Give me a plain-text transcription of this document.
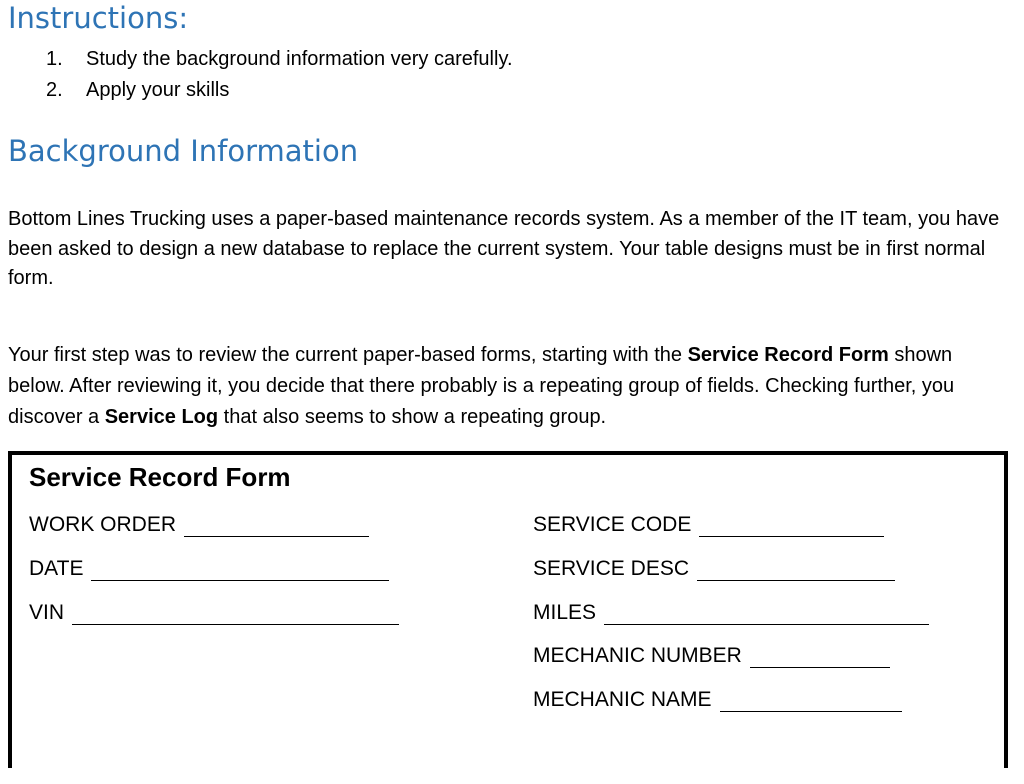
Instructions:
1.	Study the background information very carefully.
2.	Apply your skills
Background Information

Bottom Lines Trucking uses a paper-based maintenance records system. As a member of the IT team, you have been asked to design a new database to replace the current system. Your table designs must be in first normal form.

Your first step was to review the current paper-based forms, starting with the Service Record Form shown below. After reviewing it, you decide that there probably is a repeating group of fields. Checking further, you discover a Service Log that also seems to show a repeating group.

Service Record Form
WORK ORDER
DATE
VIN
SERVICE CODE
SERVICE DESC
MILES
MECHANIC NUMBER
MECHANIC NAME
